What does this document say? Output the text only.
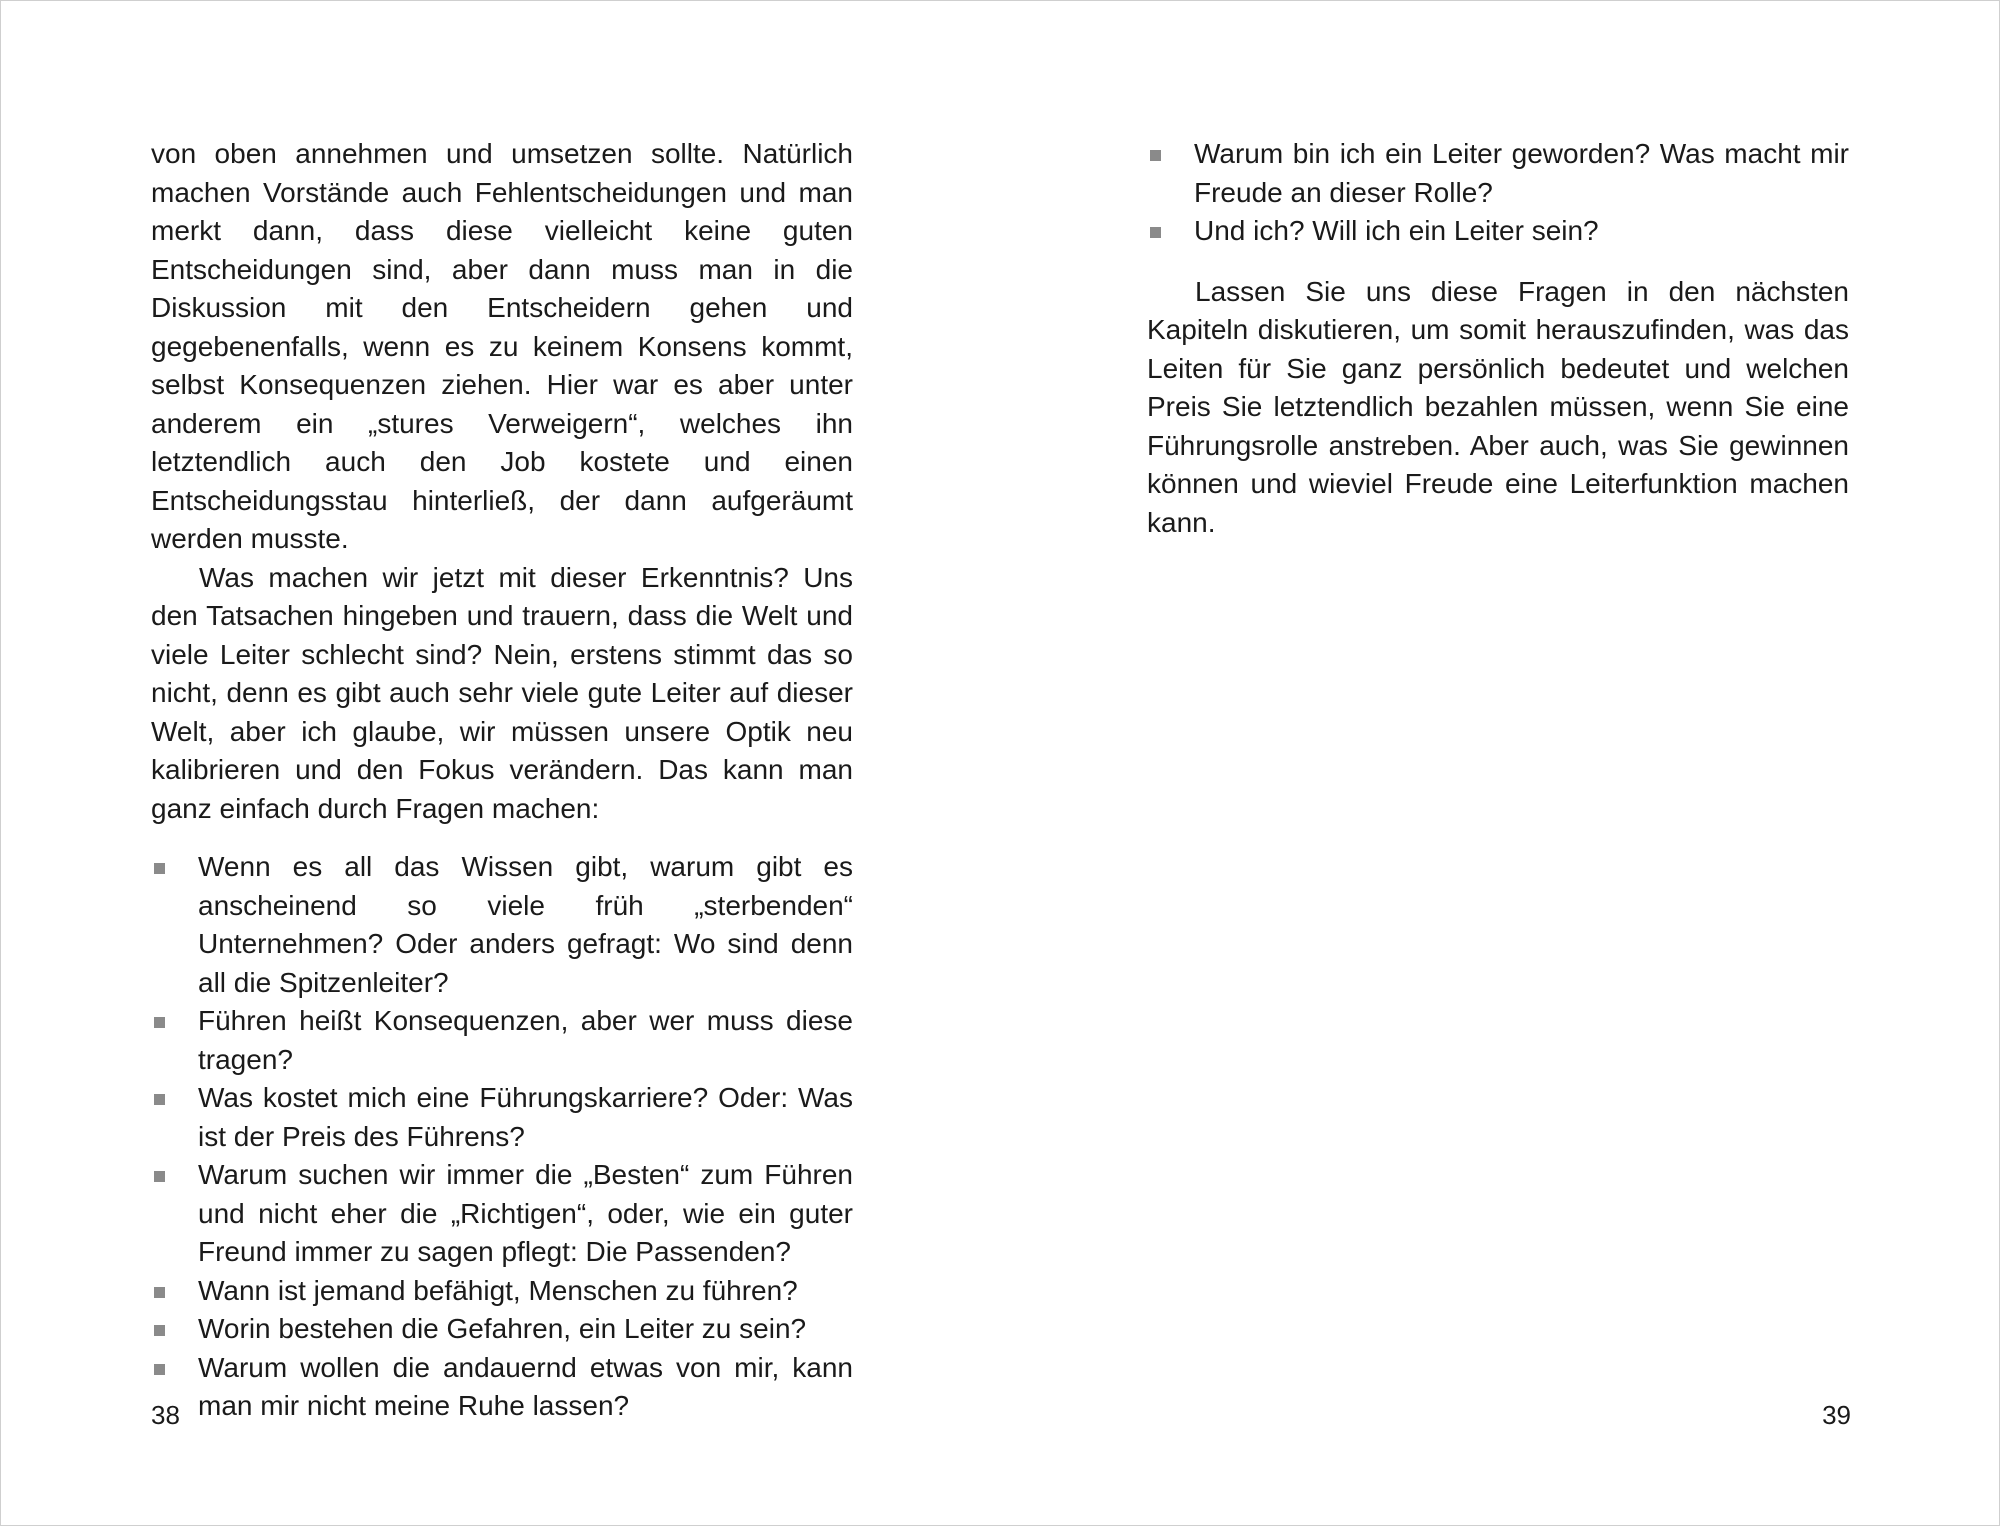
von oben annehmen und umsetzen sollte. Natürlich machen Vorstände auch Fehlentscheidungen und man merkt dann, dass diese vielleicht keine guten Entscheidungen sind, aber dann muss man in die Diskussion mit den Entscheidern gehen und gegebenenfalls, wenn es zu keinem Konsens kommt, selbst Konsequenzen ziehen. Hier war es aber unter anderem ein „stures Verweigern“, welches ihn letztendlich auch den Job kostete und einen Entscheidungsstau hinterließ, der dann aufgeräumt werden musste.

Was machen wir jetzt mit dieser Erkenntnis? Uns den Tatsachen hingeben und trauern, dass die Welt und viele Leiter schlecht sind? Nein, erstens stimmt das so nicht, denn es gibt auch sehr viele gute Leiter auf dieser Welt, aber ich glaube, wir müssen unsere Optik neu kalibrieren und den Fokus verändern. Das kann man ganz einfach durch Fragen machen:

Wenn es all das Wissen gibt, warum gibt es anscheinend so viele früh „sterbenden“ Unternehmen? Oder anders gefragt: Wo sind denn all die Spitzenleiter?
Führen heißt Konsequenzen, aber wer muss diese tragen?
Was kostet mich eine Führungskarriere? Oder: Was ist der Preis des Führens?
Warum suchen wir immer die „Besten“ zum Führen und nicht eher die „Richtigen“, oder, wie ein guter Freund immer zu sagen pflegt: Die Passenden?
Wann ist jemand befähigt, Menschen zu führen?
Worin bestehen die Gefahren, ein Leiter zu sein?
Warum wollen die andauernd etwas von mir, kann man mir nicht meine Ruhe lassen?
Warum bin ich ein Leiter geworden? Was macht mir Freude an dieser Rolle?
Und ich? Will ich ein Leiter sein?

Lassen Sie uns diese Fragen in den nächsten Kapiteln diskutieren, um somit herauszufinden, was das Leiten für Sie ganz persönlich bedeutet und welchen Preis Sie letztendlich bezahlen müssen, wenn Sie eine Führungsrolle anstreben. Aber auch, was Sie gewinnen können und wieviel Freude eine Leiterfunktion machen kann.

38	39
